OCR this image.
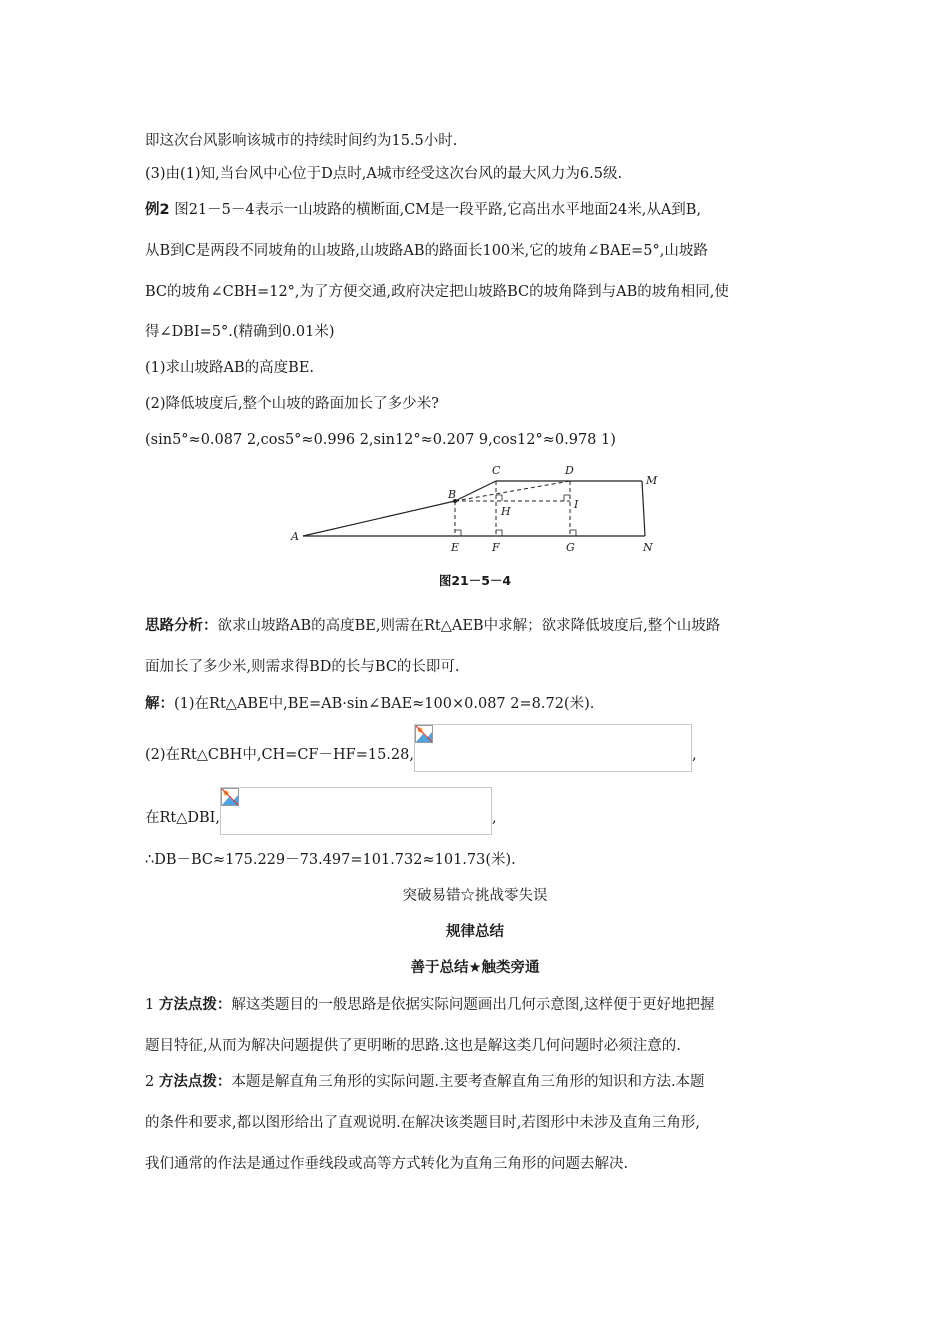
即这次台风影响该城市的持续时间约为15.5小时.
(3)由(1)知,当台风中心位于D点时,A城市经受这次台风的最大风力为6.5级.
例2 图21－5－4表示一山坡路的横断面,CM是一段平路,它高出水平地面24米,从A到B,
从B到C是两段不同坡角的山坡路,山坡路AB的路面长100米,它的坡角∠BAE=5°,山坡路
BC的坡角∠CBH=12°,为了方便交通,政府决定把山坡路BC的坡角降到与AB的坡角相同,使
得∠DBI=5°.(精确到0.01米)
(1)求山坡路AB的高度BE.
(2)降低坡度后,整个山坡的路面加长了多少米?
(sin5°≈0.087 2,cos5°≈0.996 2,sin12°≈0.207 9,cos12°≈0.978 1)
A
B
C	D
M
H
I
E	F	G	N
图21－5－4
思路分析：欲求山坡路AB的高度BE,则需在Rt△AEB中求解；欲求降低坡度后,整个山坡路
面加长了多少米,则需求得BD的长与BC的长即可.
解：(1)在Rt△ABE中,BE=AB·sin∠BAE≈100×0.087 2=8.72(米).
(2)在Rt△CBH中,CH=CF－HF=15.28,	,
在Rt△DBI,	,
∴DB－BC≈175.229－73.497=101.732≈101.73(米).
突破易错☆挑战零失误
规律总结
善于总结★触类旁通
1 方法点拨：解这类题目的一般思路是依据实际问题画出几何示意图,这样便于更好地把握
题目特征,从而为解决问题提供了更明晰的思路.这也是解这类几何问题时必须注意的.
2 方法点拨：本题是解直角三角形的实际问题.主要考查解直角三角形的知识和方法.本题
的条件和要求,都以图形给出了直观说明.在解决该类题目时,若图形中未涉及直角三角形,
我们通常的作法是通过作垂线段或高等方式转化为直角三角形的问题去解决.
